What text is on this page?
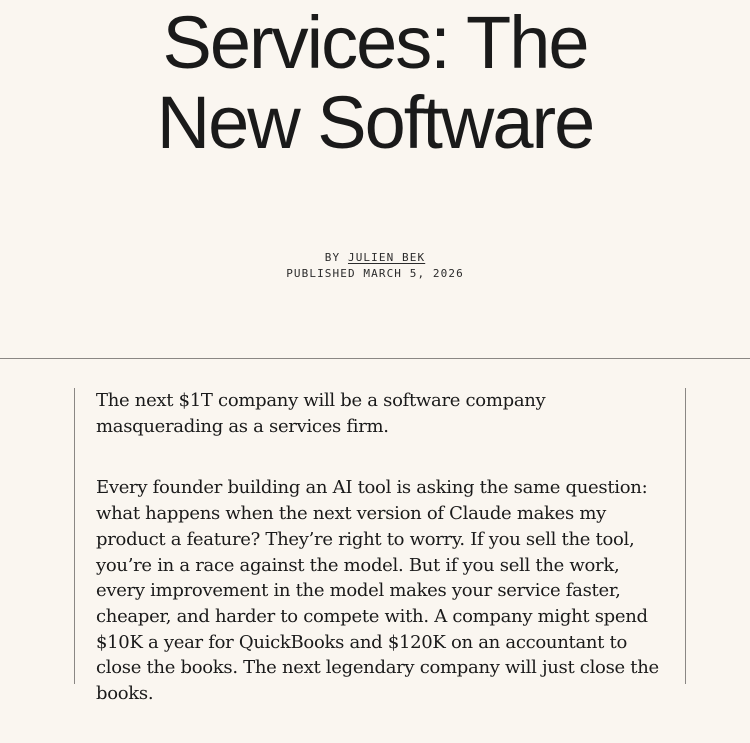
Services: The
New Software
BY JULIEN BEK
PUBLISHED MARCH 5, 2026

The next $1T company will be a software company masquerading as a services firm.

Every founder building an AI tool is asking the same question: what happens when the next version of Claude makes my product a feature? They’re right to worry. If you sell the tool, you’re in a race against the model. But if you sell the work, every improvement in the model makes your service faster, cheaper, and harder to compete with. A company might spend $10K a year for QuickBooks and $120K on an accountant to close the books. The next legendary company will just close the books.
